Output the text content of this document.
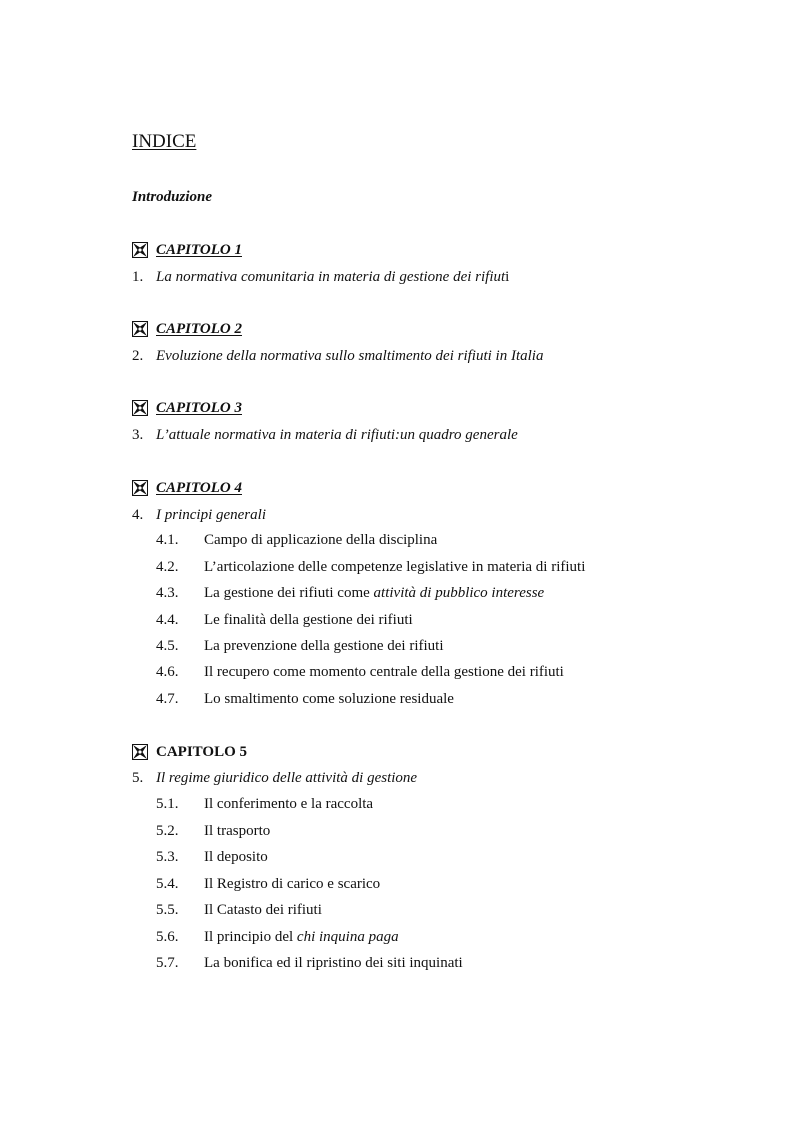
INDICE
Introduzione
CAPITOLO 1
1. La normativa comunitaria in materia di gestione dei rifiuti
CAPITOLO 2
2. Evoluzione della normativa sullo smaltimento dei rifiuti in Italia
CAPITOLO 3
3. L’attuale normativa in materia di rifiuti:un quadro generale
CAPITOLO 4
4. I principi generali
4.1. Campo di applicazione della disciplina
4.2. L’articolazione delle competenze legislative in materia di rifiuti
4.3. La gestione dei rifiuti come attività di pubblico interesse
4.4. Le finalità della gestione dei rifiuti
4.5. La prevenzione della gestione dei rifiuti
4.6. Il recupero come momento centrale della gestione dei rifiuti
4.7. Lo smaltimento come soluzione residuale
CAPITOLO 5
5. Il regime giuridico delle attività di gestione
5.1. Il conferimento e la raccolta
5.2. Il trasporto
5.3. Il deposito
5.4. Il Registro di carico e scarico
5.5. Il Catasto dei rifiuti
5.6. Il principio del chi inquina paga
5.7. La bonifica ed il ripristino dei siti inquinati
